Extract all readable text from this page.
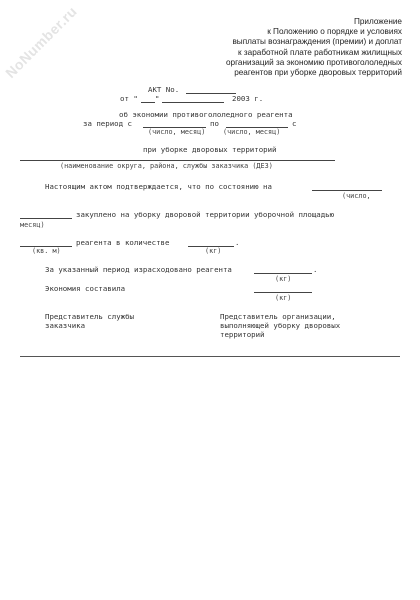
NoNumber.ru	Приложение
к Положению о порядке и условиях
выплаты вознаграждения (премии) и доплат
к заработной плате работникам жилищных
организаций за экономию противогололедных
реагентов при уборке дворовых территорий
АКТ No.
от " "	2003 г.
об экономии противогололедного реагента
за период с	по	с
(число, месяц)	(число, месяц)
при уборке дворовых территорий
(наименование округа, района, службы заказчика (ДЕЗ)
Настоящим актом подтверждается, что по состоянию на
(число,
закуплено на уборку дворовой территории уборочной площадью
месяц)
реагента в количестве	.
(кв. м)	(кг)
За указанный период израсходовано реагента	.
(кг)
Экономия составила
(кг)
Представитель службы
заказчика
Представитель организации,
выполняющей уборку дворовых
территорий
